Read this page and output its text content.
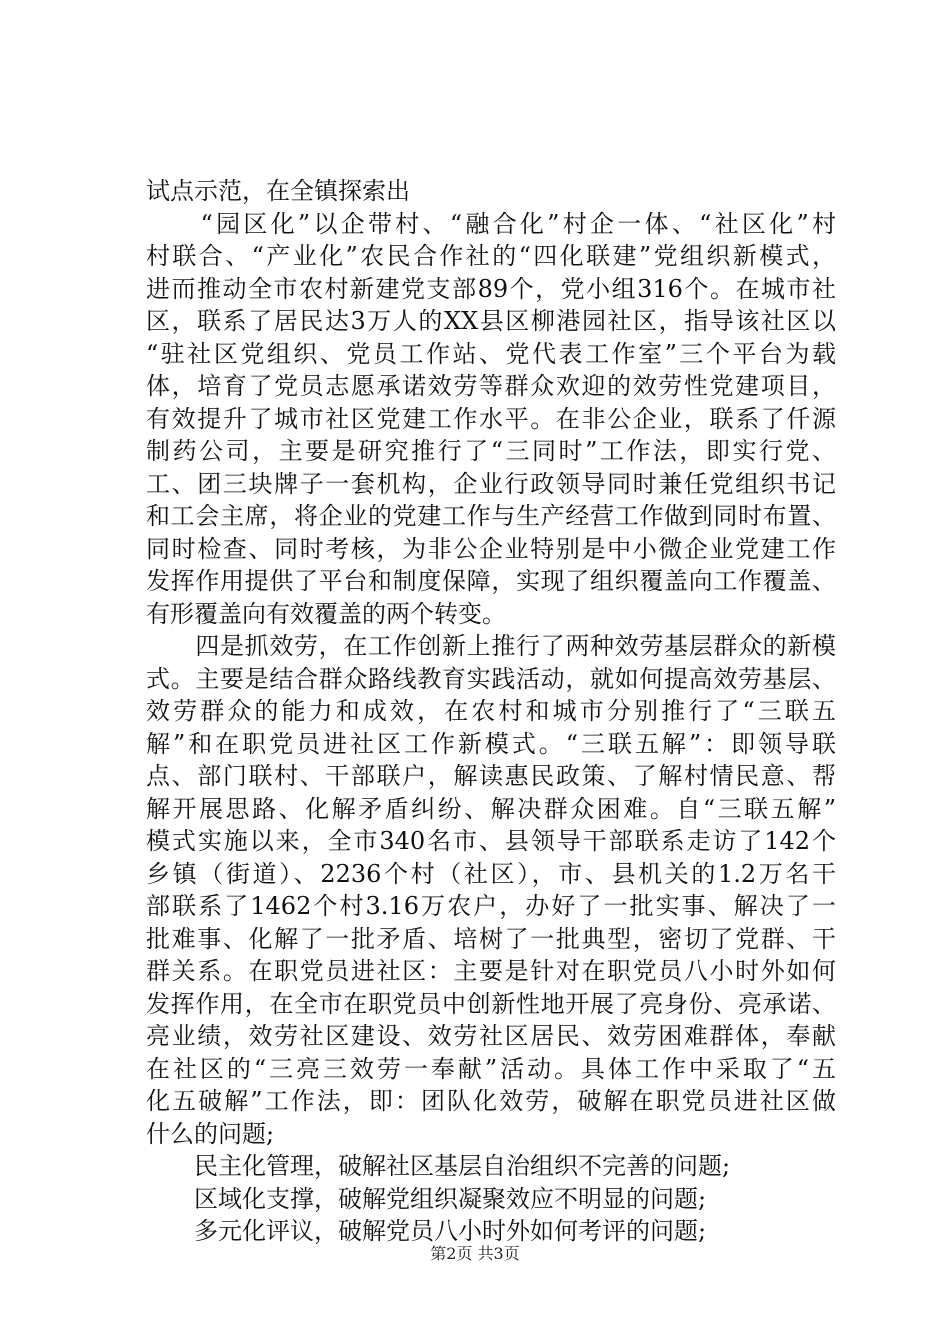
试点示范，在全镇探索出
　　“园区化”以企带村、“融合化”村企一体、“社区化”村
村联合、“产业化”农民合作社的“四化联建”党组织新模式，
进而推动全市农村新建党支部89个，党小组316个。在城市社
区，联系了居民达3万人的XX县区柳港园社区，指导该社区以
“驻社区党组织、党员工作站、党代表工作室”三个平台为载
体，培育了党员志愿承诺效劳等群众欢迎的效劳性党建项目，
有效提升了城市社区党建工作水平。在非公企业，联系了仟源
制药公司，主要是研究推行了“三同时”工作法，即实行党、
工、团三块牌子一套机构，企业行政领导同时兼任党组织书记
和工会主席，将企业的党建工作与生产经营工作做到同时布置、
同时检查、同时考核，为非公企业特别是中小微企业党建工作
发挥作用提供了平台和制度保障，实现了组织覆盖向工作覆盖、
有形覆盖向有效覆盖的两个转变。
　　四是抓效劳，在工作创新上推行了两种效劳基层群众的新模
式。主要是结合群众路线教育实践活动，就如何提高效劳基层、
效劳群众的能力和成效，在农村和城市分别推行了“三联五
解”和在职党员进社区工作新模式。“三联五解”：即领导联
点、部门联村、干部联户，解读惠民政策、了解村情民意、帮
解开展思路、化解矛盾纠纷、解决群众困难。自“三联五解”
模式实施以来，全市340名市、县领导干部联系走访了142个
乡镇（街道）、2236个村（社区），市、县机关的1.2万名干
部联系了1462个村3.16万农户，办好了一批实事、解决了一
批难事、化解了一批矛盾、培树了一批典型，密切了党群、干
群关系。在职党员进社区：主要是针对在职党员八小时外如何
发挥作用，在全市在职党员中创新性地开展了亮身份、亮承诺、
亮业绩，效劳社区建设、效劳社区居民、效劳困难群体，奉献
在社区的“三亮三效劳一奉献”活动。具体工作中采取了“五
化五破解”工作法，即：团队化效劳，破解在职党员进社区做
什么的问题;
　　民主化管理，破解社区基层自治组织不完善的问题;
　　区域化支撑，破解党组织凝聚效应不明显的问题;
　　多元化评议，破解党员八小时外如何考评的问题;
第2页 共3页
